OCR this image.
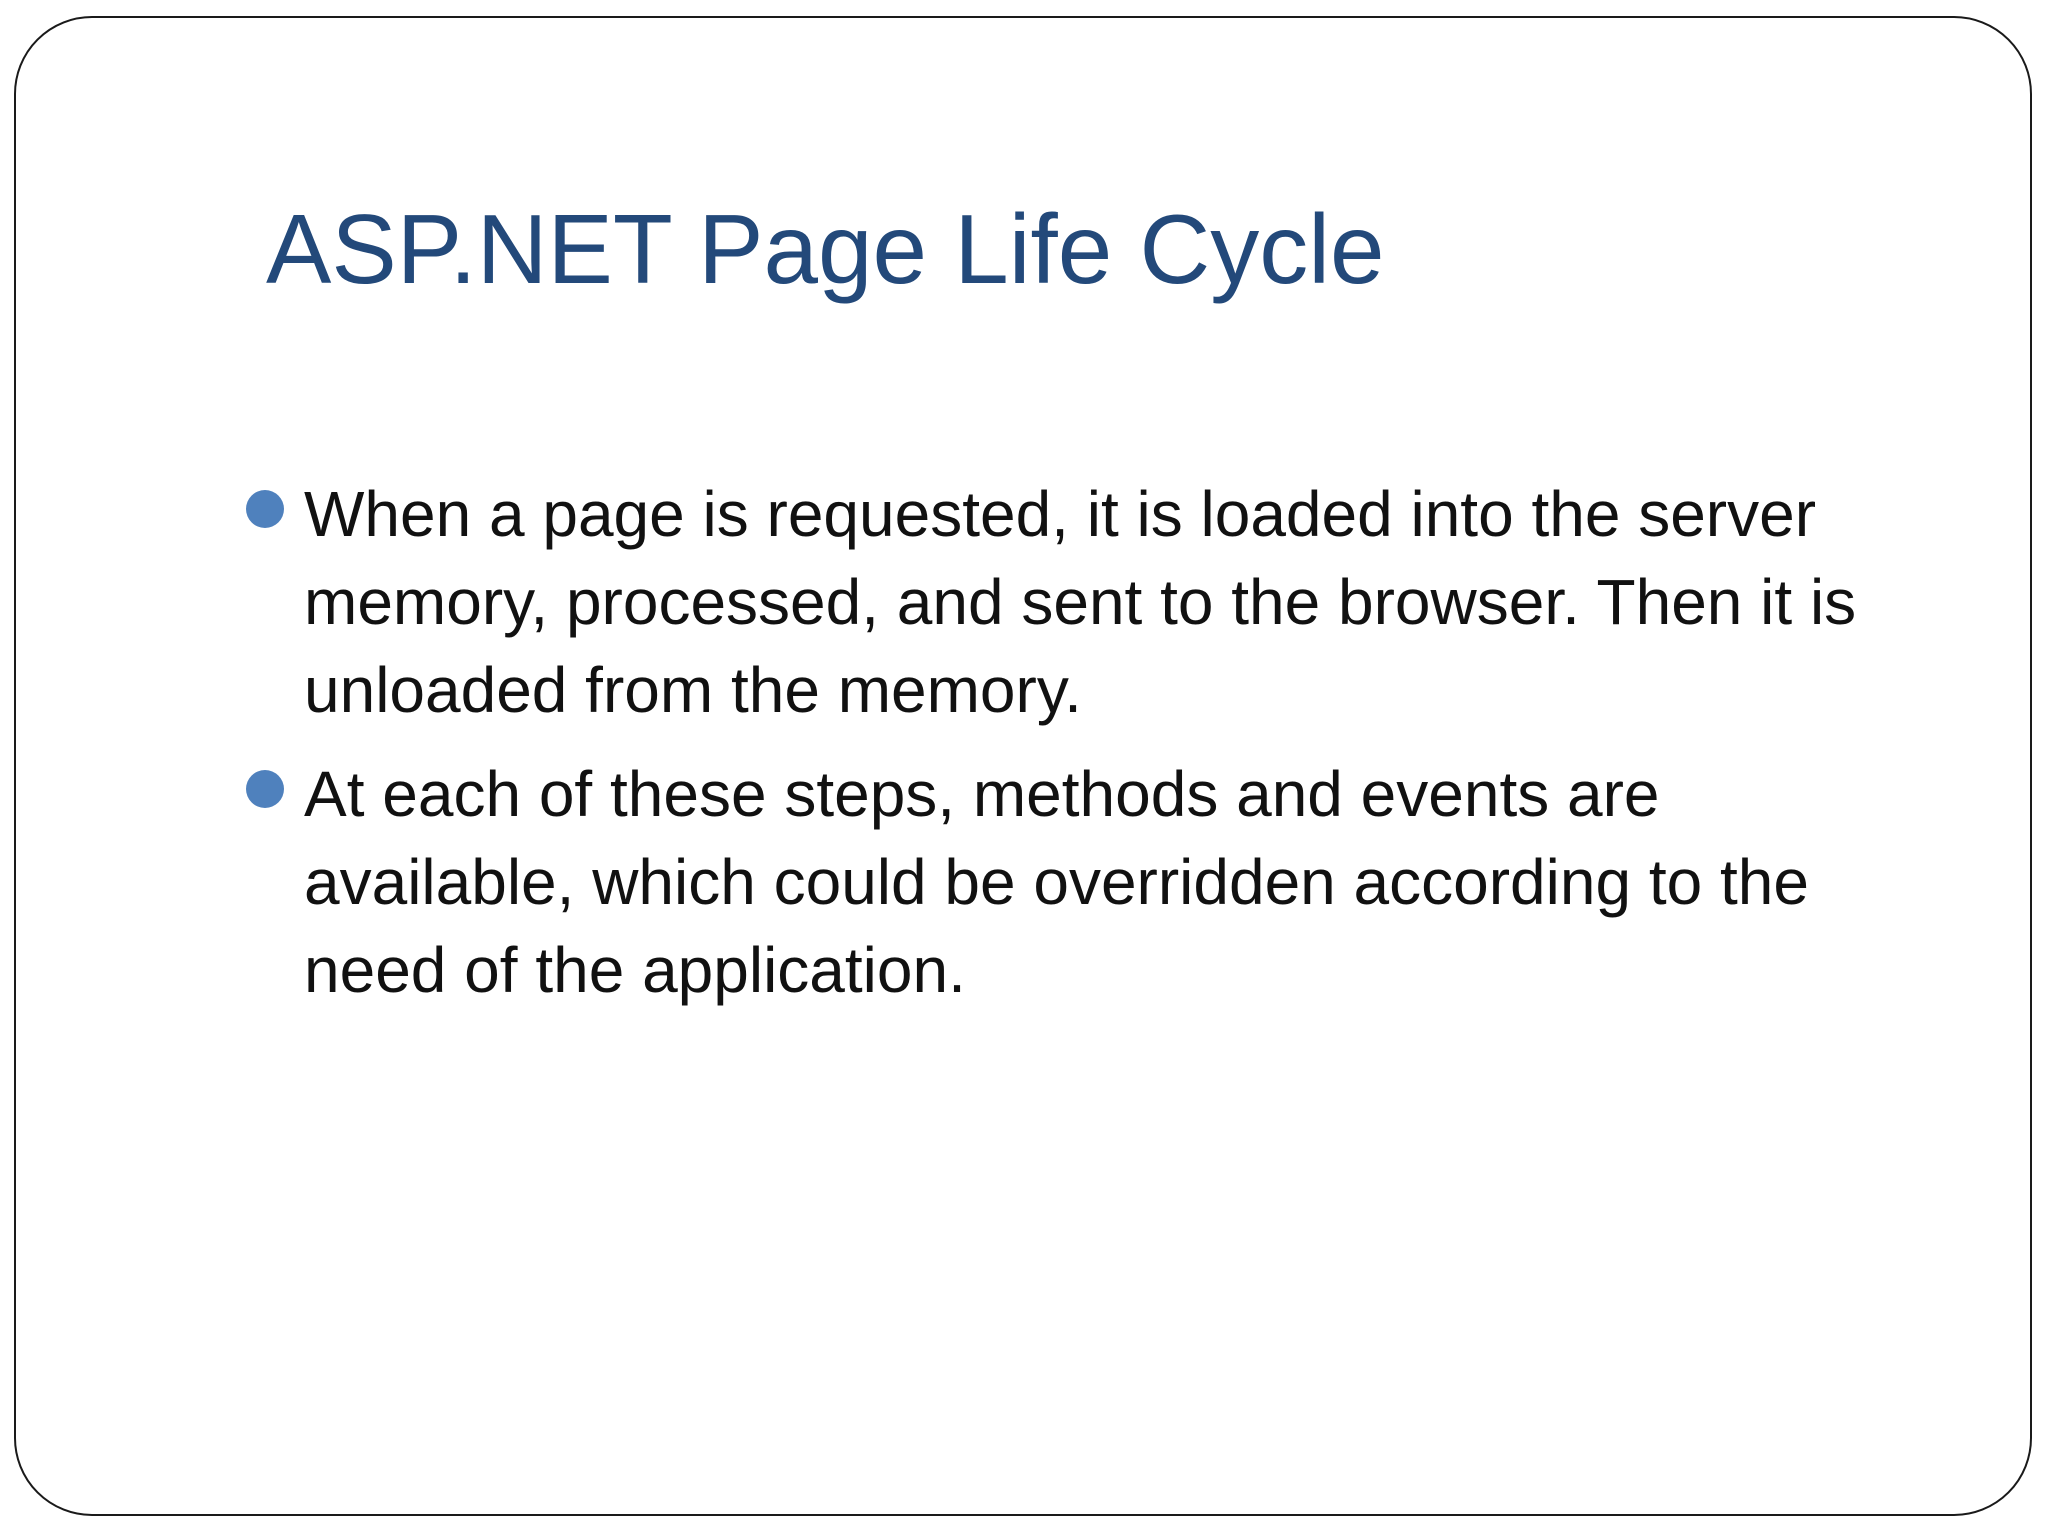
ASP.NET Page Life Cycle
When a page is requested, it is loaded into the server memory, processed, and sent to the browser. Then it is unloaded from the memory.
At each of these steps, methods and events are available, which could be overridden according to the need of the application.
